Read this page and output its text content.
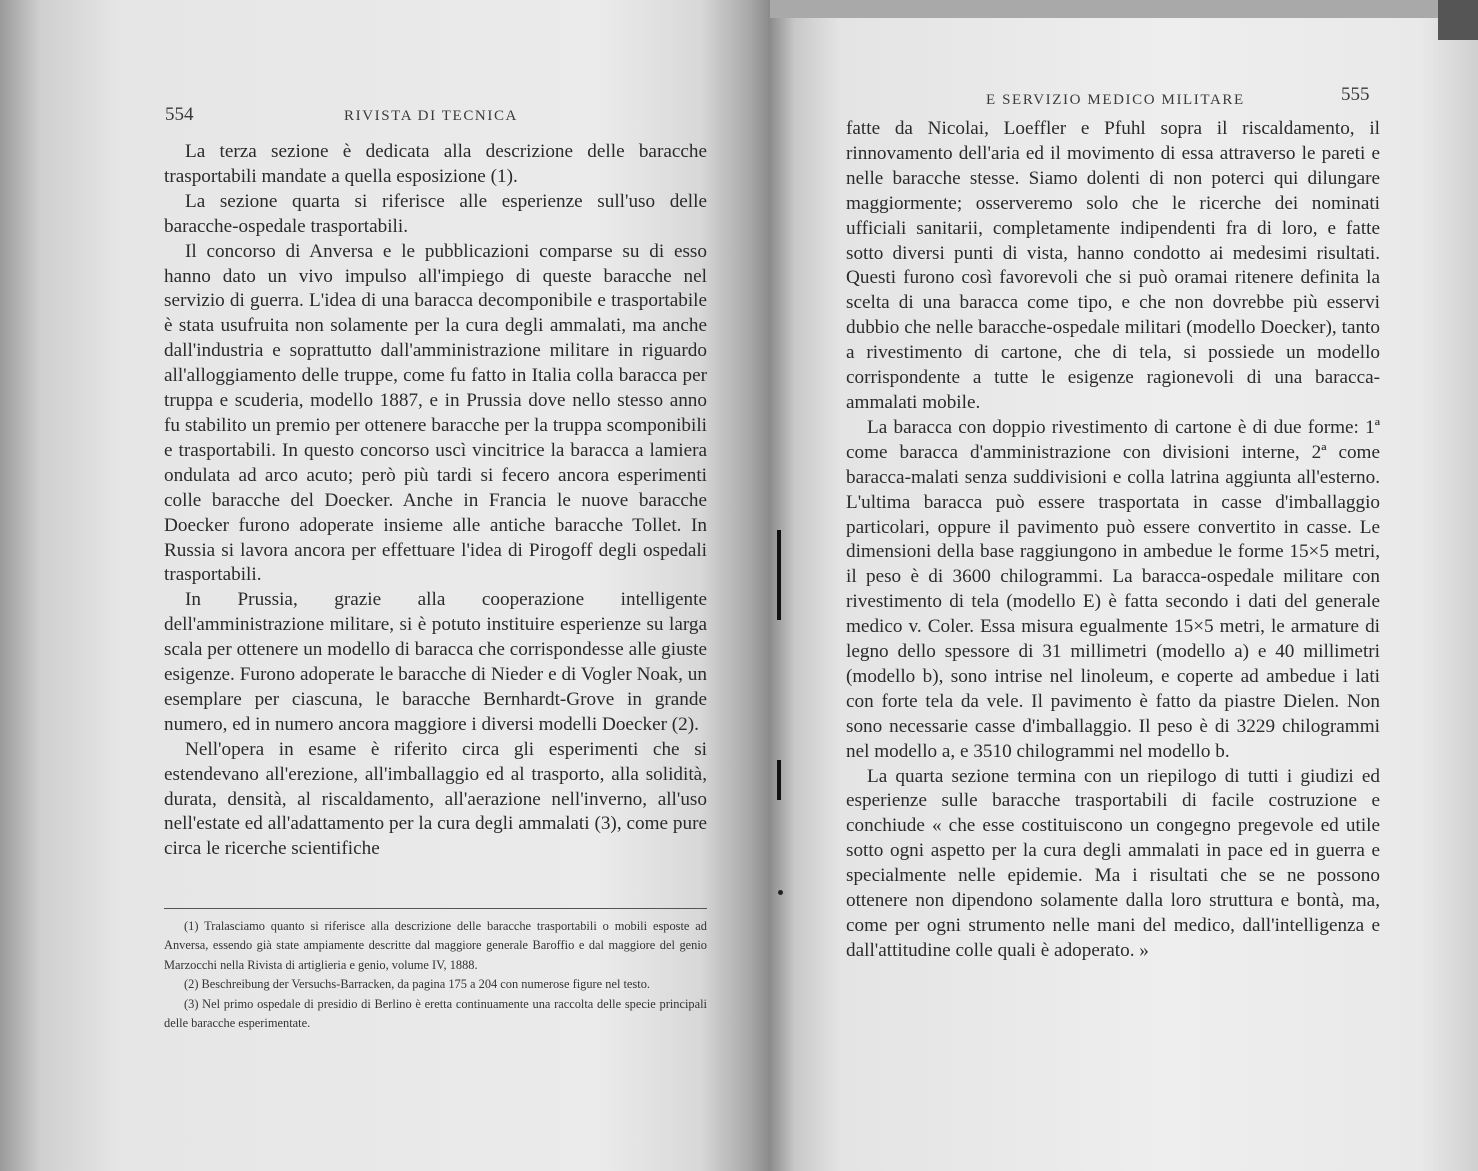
554	RIVISTA DI TECNICA

La terza sezione è dedicata alla descrizione delle baracche trasportabili mandate a quella esposizione (1).

La sezione quarta si riferisce alle esperienze sull'uso delle baracche-ospedale trasportabili.

Il concorso di Anversa e le pubblicazioni comparse su di esso hanno dato un vivo impulso all'impiego di queste baracche nel servizio di guerra. L'idea di una baracca decomponibile e trasportabile è stata usufruita non solamente per la cura degli ammalati, ma anche dall'industria e soprattutto dall'amministrazione militare in riguardo all'alloggiamento delle truppe, come fu fatto in Italia colla baracca per truppa e scuderia, modello 1887, e in Prussia dove nello stesso anno fu stabilito un premio per ottenere baracche per la truppa scomponibili e trasportabili. In questo concorso uscì vincitrice la baracca a lamiera ondulata ad arco acuto; però più tardi si fecero ancora esperimenti colle baracche del Doecker. Anche in Francia le nuove baracche Doecker furono adoperate insieme alle antiche baracche Tollet. In Russia si lavora ancora per effettuare l'idea di Pirogoff degli ospedali trasportabili.

In Prussia, grazie alla cooperazione intelligente dell'amministrazione militare, si è potuto instituire esperienze su larga scala per ottenere un modello di baracca che corrispondesse alle giuste esigenze. Furono adoperate le baracche di Nieder e di Vogler Noak, un esemplare per ciascuna, le baracche Bernhardt-Grove in grande numero, ed in numero ancora maggiore i diversi modelli Doecker (2).

Nell'opera in esame è riferito circa gli esperimenti che si estendevano all'erezione, all'imballaggio ed al trasporto, alla solidità, durata, densità, al riscaldamento, all'aerazione nell'inverno, all'uso nell'estate ed all'adattamento per la cura degli ammalati (3), come pure circa le ricerche scientifiche

(1) Tralasciamo quanto si riferisce alla descrizione delle baracche trasportabili o mobili esposte ad Anversa, essendo già state ampiamente descritte dal maggiore generale Baroffio e dal maggiore del genio Marzocchi nella Rivista di artiglieria e genio, volume IV, 1888.

(2) Beschreibung der Versuchs-Barracken, da pagina 175 a 204 con numerose figure nel testo.

(3) Nel primo ospedale di presidio di Berlino è eretta continuamente una raccolta delle specie principali delle baracche esperimentate.

E SERVIZIO MEDICO MILITARE	555

fatte da Nicolai, Loeffler e Pfuhl sopra il riscaldamento, il rinnovamento dell'aria ed il movimento di essa attraverso le pareti e nelle baracche stesse. Siamo dolenti di non poterci qui dilungare maggiormente; osserveremo solo che le ricerche dei nominati ufficiali sanitarii, completamente indipendenti fra di loro, e fatte sotto diversi punti di vista, hanno condotto ai medesimi risultati. Questi furono così favorevoli che si può oramai ritenere definita la scelta di una baracca come tipo, e che non dovrebbe più esservi dubbio che nelle baracche-ospedale militari (modello Doecker), tanto a rivestimento di cartone, che di tela, si possiede un modello corrispondente a tutte le esigenze ragionevoli di una baracca-ammalati mobile.

La baracca con doppio rivestimento di cartone è di due forme: 1ª come baracca d'amministrazione con divisioni interne, 2ª come baracca-malati senza suddivisioni e colla latrina aggiunta all'esterno. L'ultima baracca può essere trasportata in casse d'imballaggio particolari, oppure il pavimento può essere convertito in casse. Le dimensioni della base raggiungono in ambedue le forme 15×5 metri, il peso è di 3600 chilogrammi. La baracca-ospedale militare con rivestimento di tela (modello E) è fatta secondo i dati del generale medico v. Coler. Essa misura egualmente 15×5 metri, le armature di legno dello spessore di 31 millimetri (modello a) e 40 millimetri (modello b), sono intrise nel linoleum, e coperte ad ambedue i lati con forte tela da vele. Il pavimento è fatto da piastre Dielen. Non sono necessarie casse d'imballaggio. Il peso è di 3229 chilogrammi nel modello a, e 3510 chilogrammi nel modello b.

La quarta sezione termina con un riepilogo di tutti i giudizi ed esperienze sulle baracche trasportabili di facile costruzione e conchiude « che esse costituiscono un congegno pregevole ed utile sotto ogni aspetto per la cura degli ammalati in pace ed in guerra e specialmente nelle epidemie. Ma i risultati che se ne possono ottenere non dipendono solamente dalla loro struttura e bontà, ma, come per ogni strumento nelle mani del medico, dall'intelligenza e dall'attitudine colle quali è adoperato. »
